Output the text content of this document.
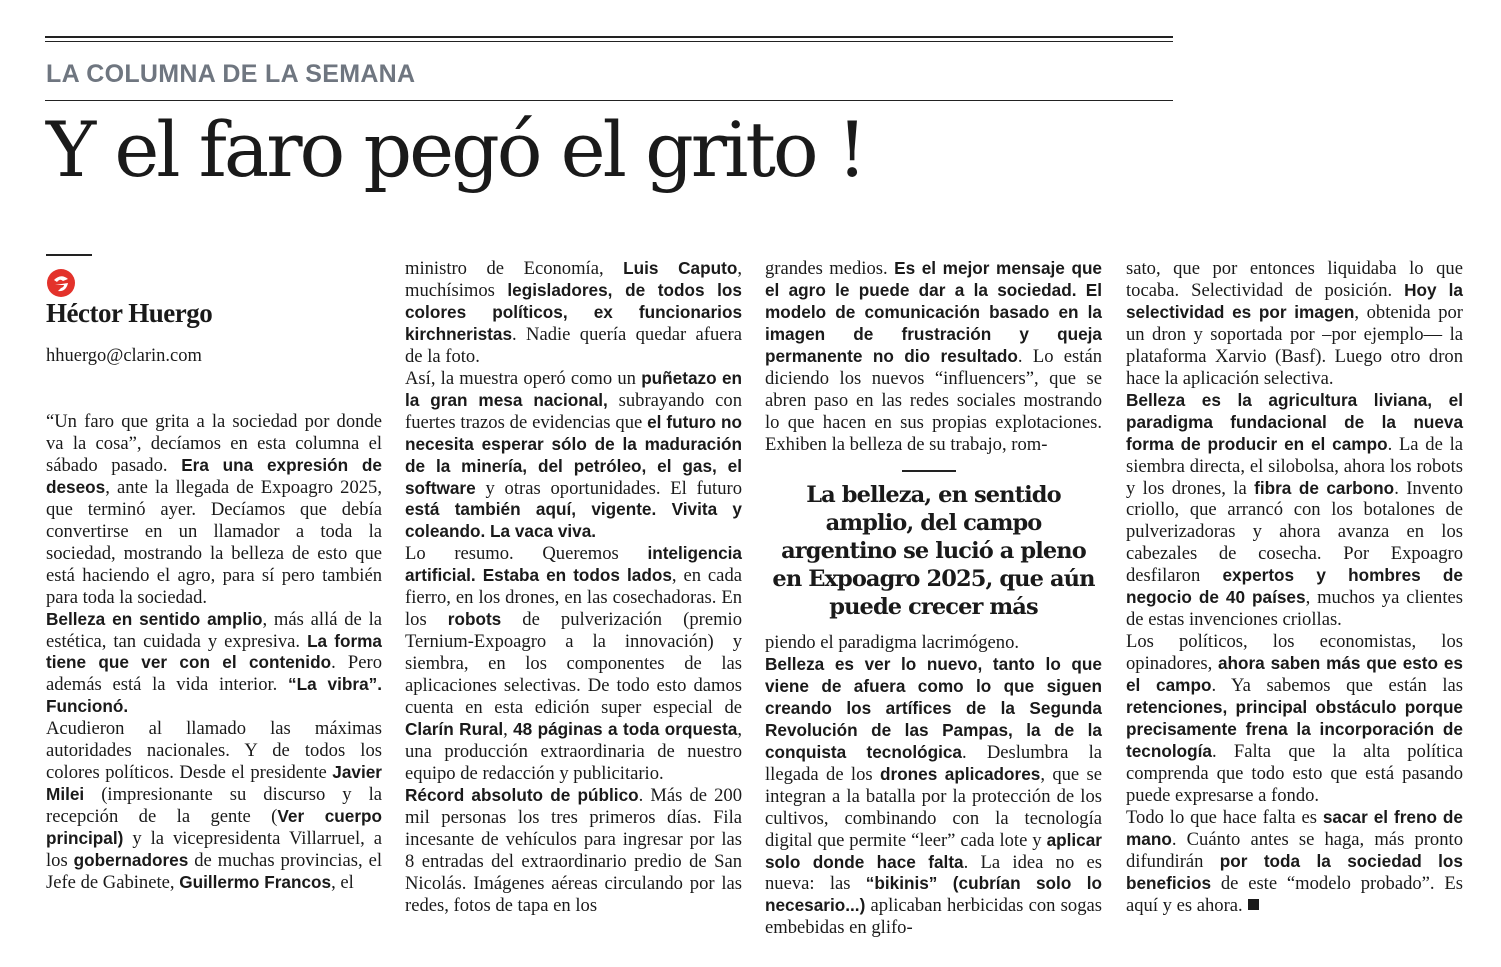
LA COLUMNA DE LA SEMANA
Y el faro pegó el grito !
Héctor Huergo
hhuergo@clarin.com

“Un faro que grita a la sociedad por donde va la cosa”, decíamos en esta columna el sábado pasado. Era una expresión de deseos, ante la llegada de Expoagro 2025, que terminó ayer. Decíamos que debía convertirse en un llamador a toda la sociedad, mostrando la belleza de esto que está haciendo el agro, para sí pero también para toda la sociedad.

Belleza en sentido amplio, más allá de la estética, tan cuidada y expresiva. La forma tiene que ver con el contenido. Pero además está la vida interior. “La vibra”. Funcionó.

Acudieron al llamado las máximas autoridades nacionales. Y de todos los colores políticos. Desde el presidente Javier Milei (impresionante su discurso y la recepción de la gente (Ver cuerpo principal) y la vicepresidenta Villarruel, a los gobernadores de muchas provincias, el Jefe de Gabinete, Guillermo Francos, el

ministro de Economía, Luis Caputo, muchísimos legisladores, de todos los colores políticos, ex funcionarios kirchneristas. Nadie quería quedar afuera de la foto.

Así, la muestra operó como un puñetazo en la gran mesa nacional, subrayando con fuertes trazos de evidencias que el futuro no necesita esperar sólo de la maduración de la minería, del petróleo, el gas, el software y otras oportunidades. El futuro está también aquí, vigente. Vivita y coleando. La vaca viva.

Lo resumo. Queremos inteligencia artificial. Estaba en todos lados, en cada fierro, en los drones, en las cosechadoras. En los robots de pulverización (premio Ternium-Expoagro a la innovación) y siembra, en los componentes de las aplicaciones selectivas. De todo esto damos cuenta en esta edición super especial de Clarín Rural, 48 páginas a toda orquesta, una producción extraordinaria de nuestro equipo de redacción y publicitario.

Récord absoluto de público. Más de 200 mil personas los tres primeros días. Fila incesante de vehículos para ingresar por las 8 entradas del extraordinario predio de San Nicolás. Imágenes aéreas circulando por las redes, fotos de tapa en los

grandes medios. Es el mejor mensaje que el agro le puede dar a la sociedad. El modelo de comunicación basado en la imagen de frustración y queja permanente no dio resultado. Lo están diciendo los nuevos “influencers”, que se abren paso en las redes sociales mostrando lo que hacen en sus propias explotaciones. Exhiben la belleza de su trabajo, rom-

La belleza, en sentido amplio, del campo argentino se lució a pleno en Expoagro 2025, que aún puede crecer más

piendo el paradigma lacrimógeno.

Belleza es ver lo nuevo, tanto lo que viene de afuera como lo que siguen creando los artífices de la Segunda Revolución de las Pampas, la de la conquista tecnológica. Deslumbra la llegada de los drones aplicadores, que se integran a la batalla por la protección de los cultivos, combinando con la tecnología digital que permite “leer” cada lote y aplicar solo donde hace falta. La idea no es nueva: las “bikinis” (cubrían solo lo necesario...) aplicaban herbicidas con sogas embebidas en glifo-

sato, que por entonces liquidaba lo que tocaba. Selectividad de posición. Hoy la selectividad es por imagen, obtenida por un dron y soportada por –por ejemplo— la plataforma Xarvio (Basf). Luego otro dron hace la aplicación selectiva.

Belleza es la agricultura liviana, el paradigma fundacional de la nueva forma de producir en el campo. La de la siembra directa, el silobolsa, ahora los robots y los drones, la fibra de carbono. Invento criollo, que arrancó con los botalones de pulverizadoras y ahora avanza en los cabezales de cosecha. Por Expoagro desfilaron expertos y hombres de negocio de 40 países, muchos ya clientes de estas invenciones criollas.

Los políticos, los economistas, los opinadores, ahora saben más que esto es el campo. Ya sabemos que están las retenciones, principal obstáculo porque precisamente frena la incorporación de tecnología. Falta que la alta política comprenda que todo esto que está pasando puede expresarse a fondo.

Todo lo que hace falta es sacar el freno de mano. Cuánto antes se haga, más pronto difundirán por toda la sociedad los beneficios de este “modelo probado”. Es aquí y es ahora.
